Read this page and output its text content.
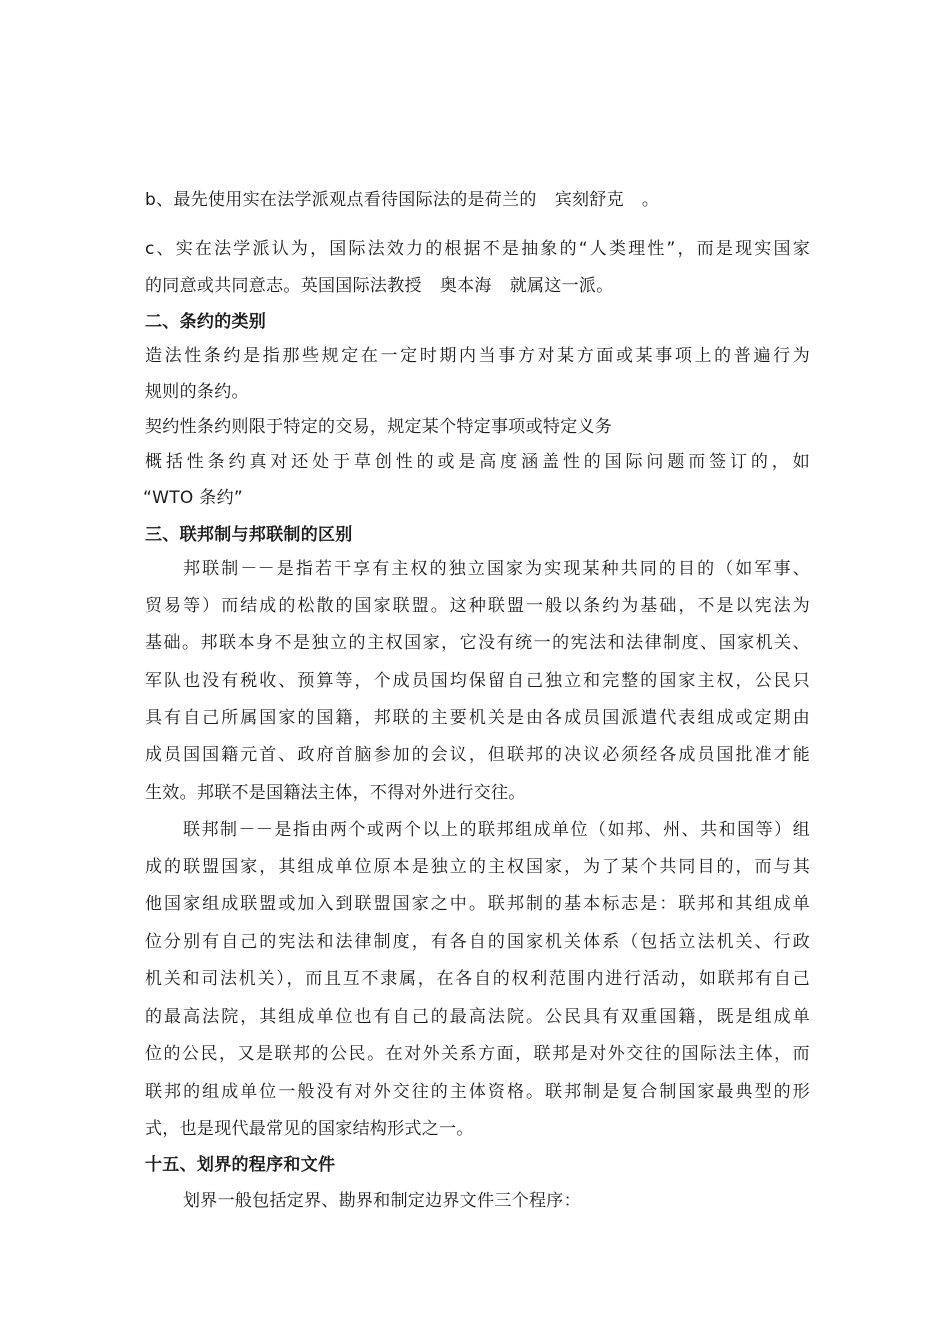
b、最先使用实在法学派观点看待国际法的是荷兰的 宾刻舒克 。
c、实在法学派认为，国际法效力的根据不是抽象的“人类理性”，而是现实国家
的同意或共同意志。英国国际法教授 奥本海 就属这一派。
二、条约的类别
造法性条约是指那些规定在一定时期内当事方对某方面或某事项上的普遍行为
规则的条约。
契约性条约则限于特定的交易，规定某个特定事项或特定义务
概括性条约真对还处于草创性的或是高度涵盖性的国际问题而签订的，如
“WTO 条约”
三、联邦制与邦联制的区别
邦联制－－是指若干享有主权的独立国家为实现某种共同的目的（如军事、
贸易等）而结成的松散的国家联盟。这种联盟一般以条约为基础，不是以宪法为
基础。邦联本身不是独立的主权国家，它没有统一的宪法和法律制度、国家机关、
军队也没有税收、预算等，个成员国均保留自己独立和完整的国家主权，公民只
具有自己所属国家的国籍，邦联的主要机关是由各成员国派遣代表组成或定期由
成员国国籍元首、政府首脑参加的会议，但联邦的决议必须经各成员国批准才能
生效。邦联不是国籍法主体，不得对外进行交往。
联邦制－－是指由两个或两个以上的联邦组成单位（如邦、州、共和国等）组
成的联盟国家，其组成单位原本是独立的主权国家，为了某个共同目的，而与其
他国家组成联盟或加入到联盟国家之中。联邦制的基本标志是：联邦和其组成单
位分别有自己的宪法和法律制度，有各自的国家机关体系（包括立法机关、行政
机关和司法机关），而且互不隶属，在各自的权利范围内进行活动，如联邦有自己
的最高法院，其组成单位也有自己的最高法院。公民具有双重国籍，既是组成单
位的公民，又是联邦的公民。在对外关系方面，联邦是对外交往的国际法主体，而
联邦的组成单位一般没有对外交往的主体资格。联邦制是复合制国家最典型的形
式，也是现代最常见的国家结构形式之一。
十五、划界的程序和文件
划界一般包括定界、勘界和制定边界文件三个程序：
